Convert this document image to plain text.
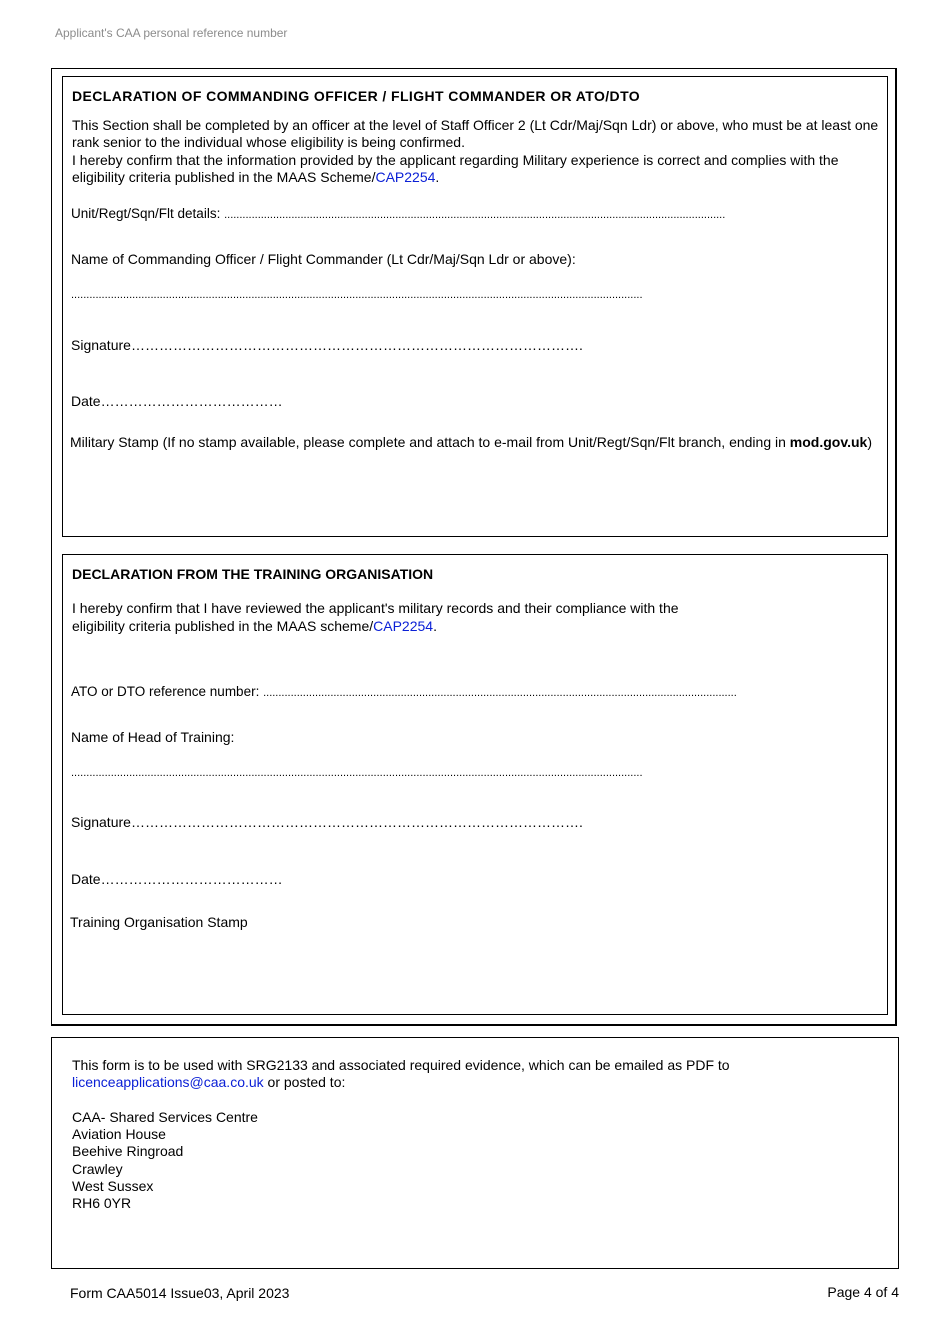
Applicant's CAA personal reference number
DECLARATION OF COMMANDING OFFICER / FLIGHT COMMANDER OR ATO/DTO
This Section shall be completed by an officer at the level of Staff Officer 2 (Lt Cdr/Maj/Sqn Ldr) or above, who must be at least one
rank senior to the individual whose eligibility is being confirmed.
I hereby confirm that the information provided by the applicant regarding Military experience is correct and complies with the
eligibility criteria published in the MAAS Scheme/CAP2254.
Unit/Regt/Sqn/Flt details: ....................................................................................................................................................................
Name of Commanding Officer / Flight Commander (Lt Cdr/Maj/Sqn Ldr or above):
...........................................................................................................................................................................................
Signature…………………………………………………………………………………….
Date…………………………………
Military Stamp (If no stamp available, please complete and attach to e-mail from Unit/Regt/Sqn/Flt branch, ending in mod.gov.uk)
DECLARATION FROM THE TRAINING ORGANISATION
I hereby confirm that I have reviewed the applicant's military records and their compliance with the
eligibility criteria published in the MAAS scheme/CAP2254.
ATO or DTO reference number: ...........................................................................................................................................................
Name of Head of Training:
...........................................................................................................................................................................................
Signature…………………………………………………………………………………….
Date…………………………………
Training Organisation Stamp
This form is to be used with SRG2133 and associated required evidence, which can be emailed as PDF to
licenceapplications@caa.co.uk or posted to:
CAA- Shared Services Centre
Aviation House
Beehive Ringroad
Crawley
West Sussex
RH6 0YR
Form CAA5014 Issue03, April 2023	Page 4 of 4
